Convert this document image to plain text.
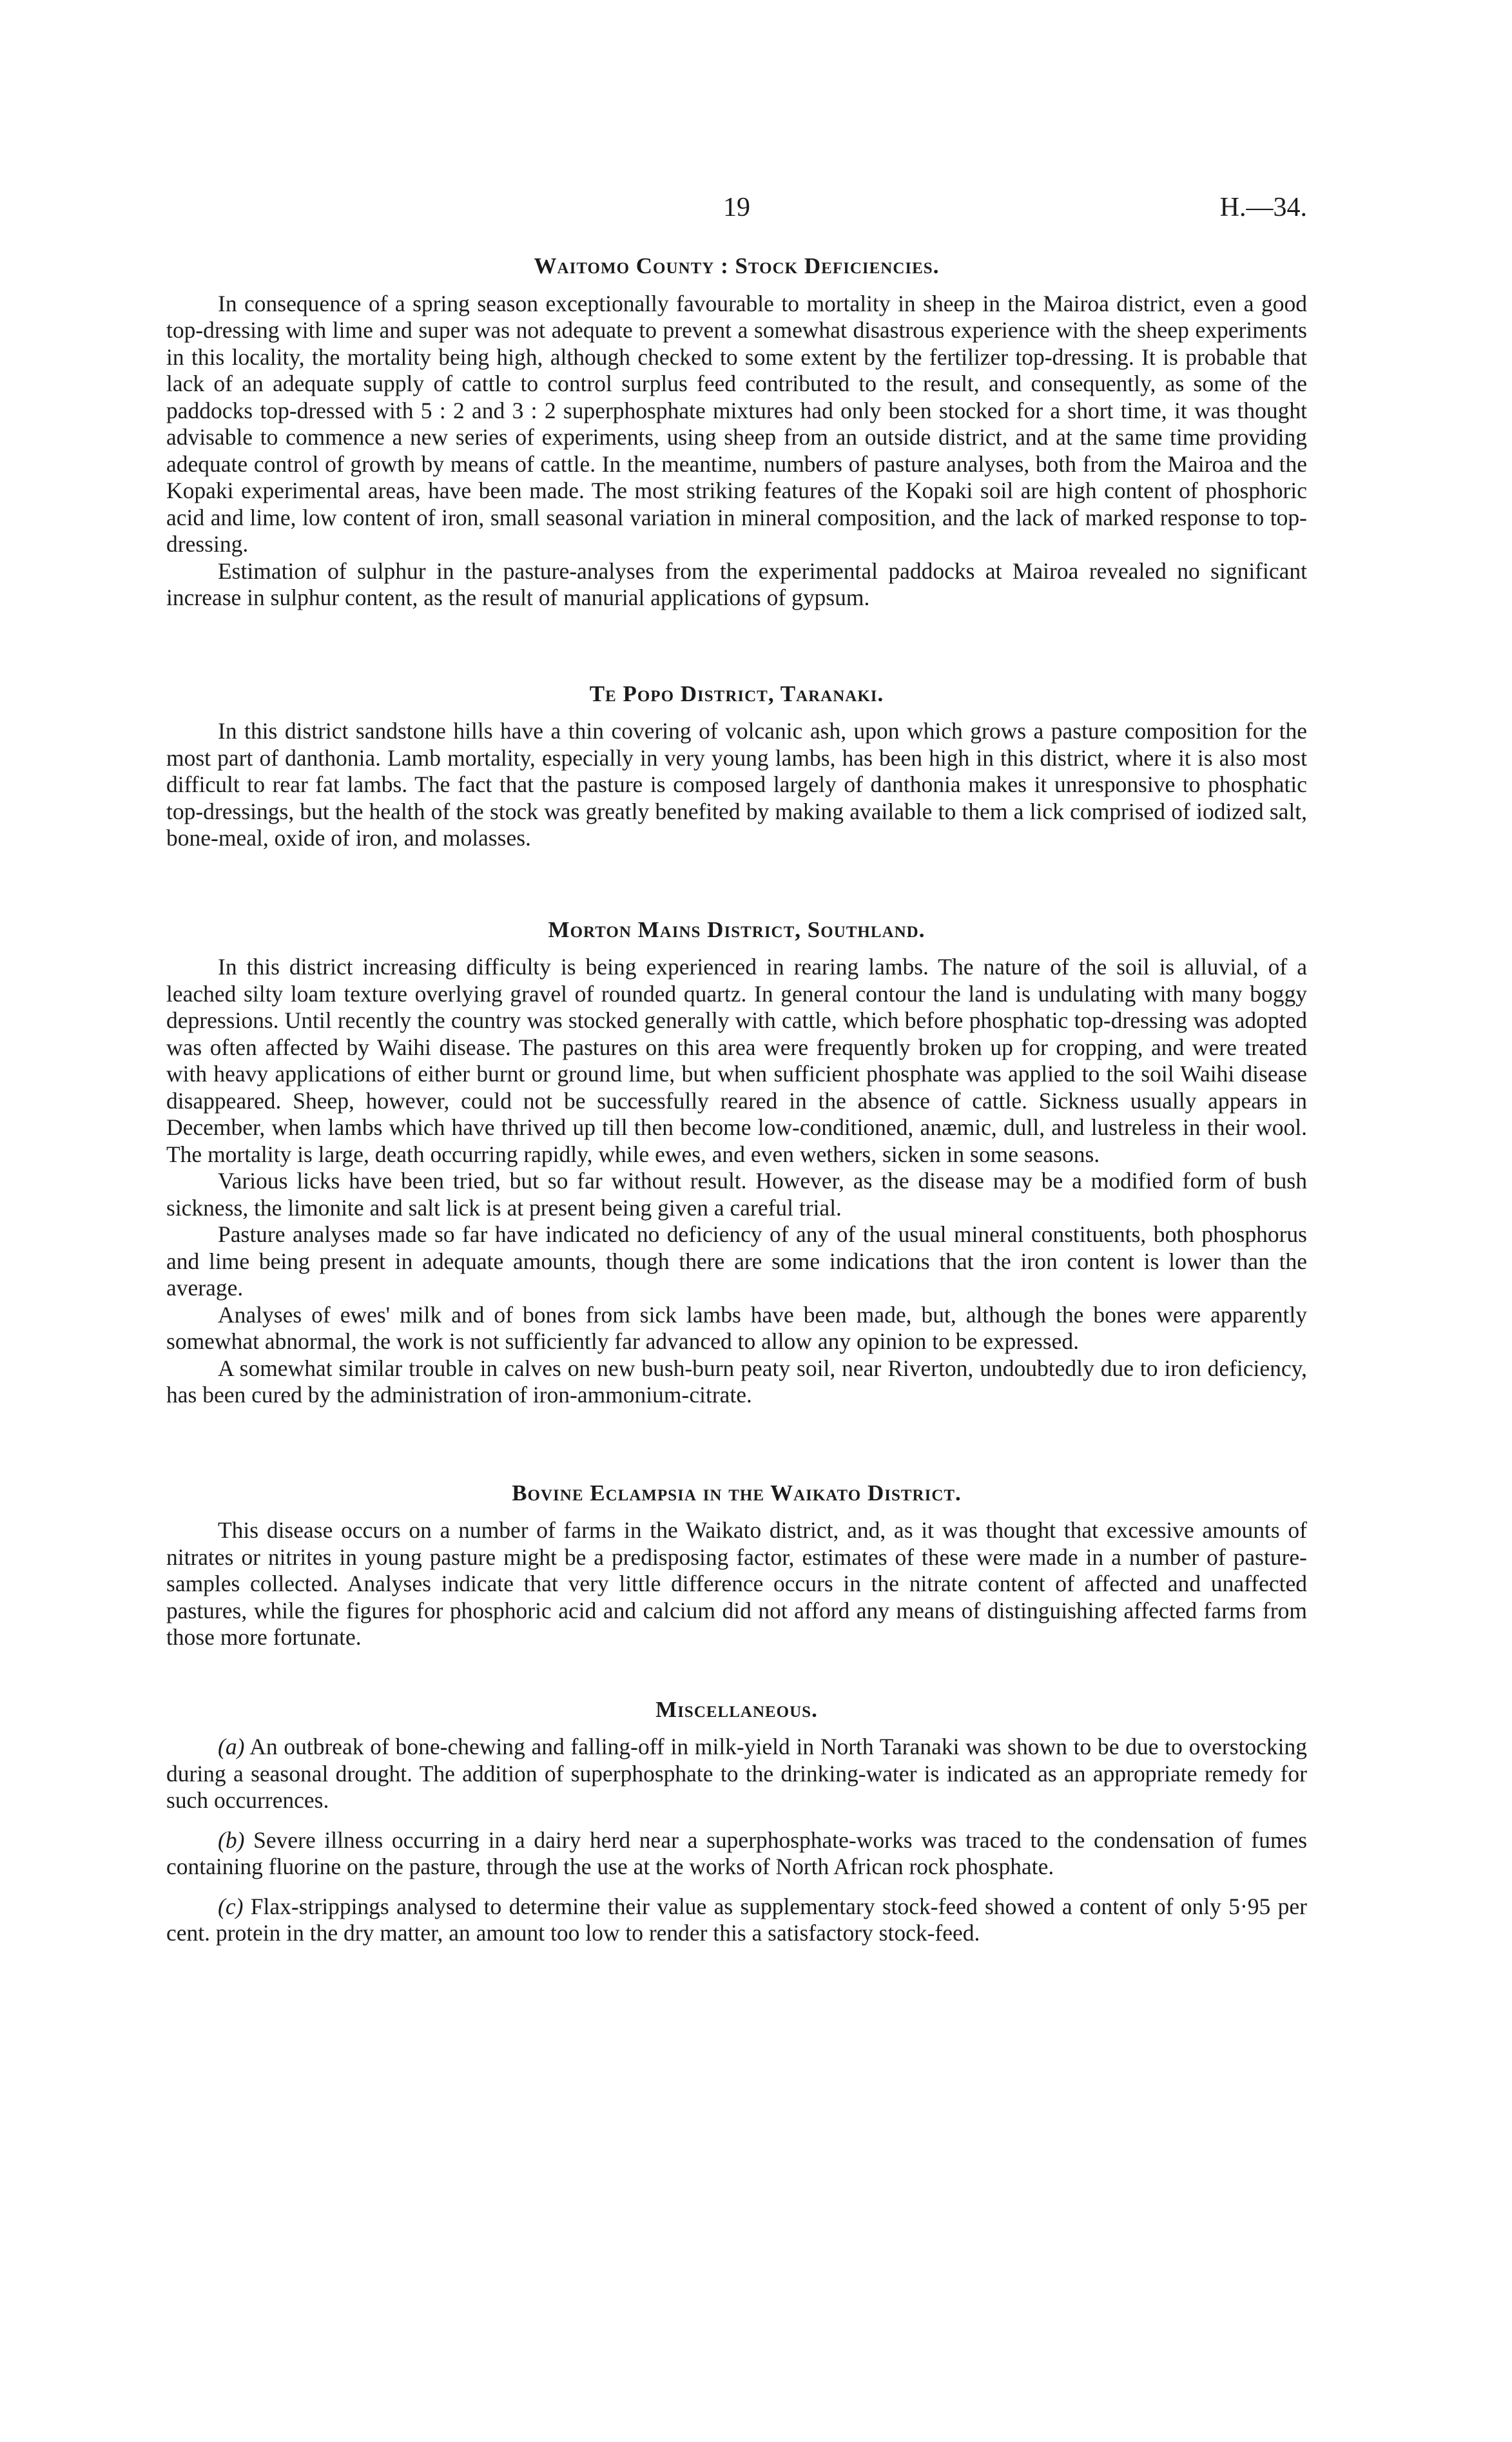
19	H.—34.
Waitomo County : Stock Deficiencies.

In consequence of a spring season exceptionally favourable to mortality in sheep in the Mairoa district, even a good top-dressing with lime and super was not adequate to prevent a somewhat disastrous experience with the sheep experiments in this locality, the mortality being high, although checked to some extent by the fertilizer top-dressing. It is probable that lack of an adequate supply of cattle to control surplus feed contributed to the result, and consequently, as some of the paddocks top-dressed with 5 : 2 and 3 : 2 superphosphate mixtures had only been stocked for a short time, it was thought advisable to commence a new series of experiments, using sheep from an outside district, and at the same time providing adequate control of growth by means of cattle. In the meantime, numbers of pasture analyses, both from the Mairoa and the Kopaki experimental areas, have been made. The most striking features of the Kopaki soil are high content of phosphoric acid and lime, low content of iron, small seasonal variation in mineral composition, and the lack of marked response to top-dressing.

Estimation of sulphur in the pasture-analyses from the experimental paddocks at Mairoa revealed no significant increase in sulphur content, as the result of manurial applications of gypsum.

Te Popo District, Taranaki.

In this district sandstone hills have a thin covering of volcanic ash, upon which grows a pasture composition for the most part of danthonia. Lamb mortality, especially in very young lambs, has been high in this district, where it is also most difficult to rear fat lambs. The fact that the pasture is composed largely of danthonia makes it unresponsive to phosphatic top-dressings, but the health of the stock was greatly benefited by making available to them a lick comprised of iodized salt, bone-meal, oxide of iron, and molasses.

Morton Mains District, Southland.

In this district increasing difficulty is being experienced in rearing lambs. The nature of the soil is alluvial, of a leached silty loam texture overlying gravel of rounded quartz. In general contour the land is undulating with many boggy depressions. Until recently the country was stocked generally with cattle, which before phosphatic top-dressing was adopted was often affected by Waihi disease. The pastures on this area were frequently broken up for cropping, and were treated with heavy applications of either burnt or ground lime, but when sufficient phosphate was applied to the soil Waihi disease disappeared. Sheep, however, could not be successfully reared in the absence of cattle. Sickness usually appears in December, when lambs which have thrived up till then become low-conditioned, anæmic, dull, and lustreless in their wool. The mortality is large, death occurring rapidly, while ewes, and even wethers, sicken in some seasons.

Various licks have been tried, but so far without result. However, as the disease may be a modified form of bush sickness, the limonite and salt lick is at present being given a careful trial.

Pasture analyses made so far have indicated no deficiency of any of the usual mineral constituents, both phosphorus and lime being present in adequate amounts, though there are some indications that the iron content is lower than the average.

Analyses of ewes' milk and of bones from sick lambs have been made, but, although the bones were apparently somewhat abnormal, the work is not sufficiently far advanced to allow any opinion to be expressed.

A somewhat similar trouble in calves on new bush-burn peaty soil, near Riverton, undoubtedly due to iron deficiency, has been cured by the administration of iron-ammonium-citrate.

Bovine Eclampsia in the Waikato District.

This disease occurs on a number of farms in the Waikato district, and, as it was thought that excessive amounts of nitrates or nitrites in young pasture might be a predisposing factor, estimates of these were made in a number of pasture-samples collected. Analyses indicate that very little difference occurs in the nitrate content of affected and unaffected pastures, while the figures for phosphoric acid and calcium did not afford any means of distinguishing affected farms from those more fortunate.

Miscellaneous.

(a) An outbreak of bone-chewing and falling-off in milk-yield in North Taranaki was shown to be due to overstocking during a seasonal drought. The addition of superphosphate to the drinking-water is indicated as an appropriate remedy for such occurrences.

(b) Severe illness occurring in a dairy herd near a superphosphate-works was traced to the condensation of fumes containing fluorine on the pasture, through the use at the works of North African rock phosphate.

(c) Flax-strippings analysed to determine their value as supplementary stock-feed showed a content of only 5·95 per cent. protein in the dry matter, an amount too low to render this a satisfactory stock-feed.
